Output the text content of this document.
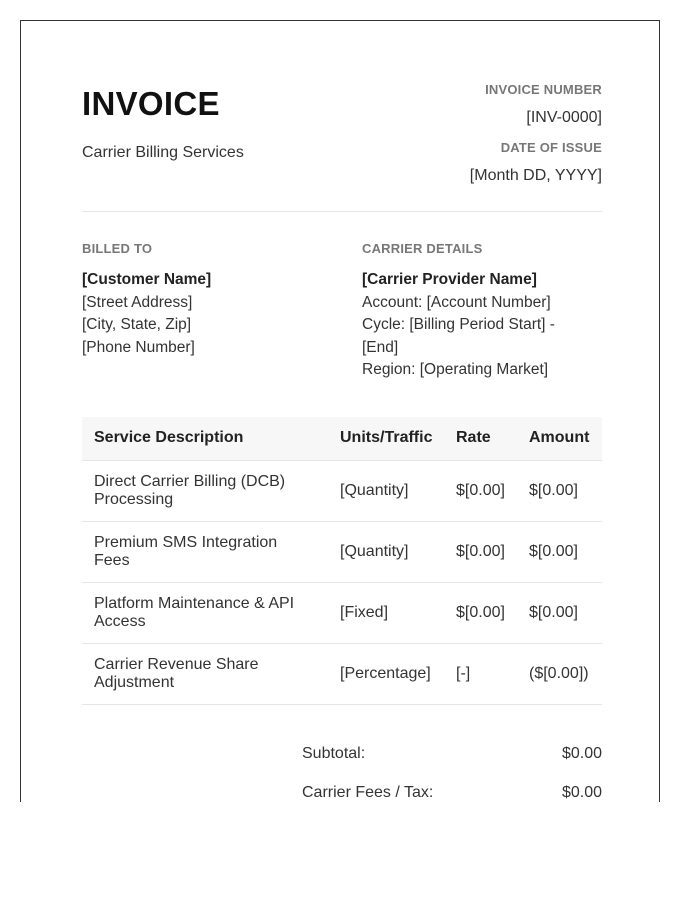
INVOICE
Carrier Billing Services
INVOICE NUMBER
[INV-0000]
DATE OF ISSUE
[Month DD, YYYY]
BILLED TO
[Customer Name]
[Street Address]
[City, State, Zip]
[Phone Number]
CARRIER DETAILS
[Carrier Provider Name]
Account: [Account Number]
Cycle: [Billing Period Start] -
[End]
Region: [Operating Market]
Service Description	Units/Traffic Rate Amount
Direct Carrier Billing (DCB)
Processing
[Quantity]	$[0.00] $[0.00]
Premium SMS Integration
Fees
[Quantity]	$[0.00] $[0.00]
Platform Maintenance & API
Access
[Fixed]	$[0.00] $[0.00]
Carrier Revenue Share
Adjustment
[Percentage] [-]	($[0.00])
Subtotal:	$0.00
Carrier Fees / Tax:	$0.00
